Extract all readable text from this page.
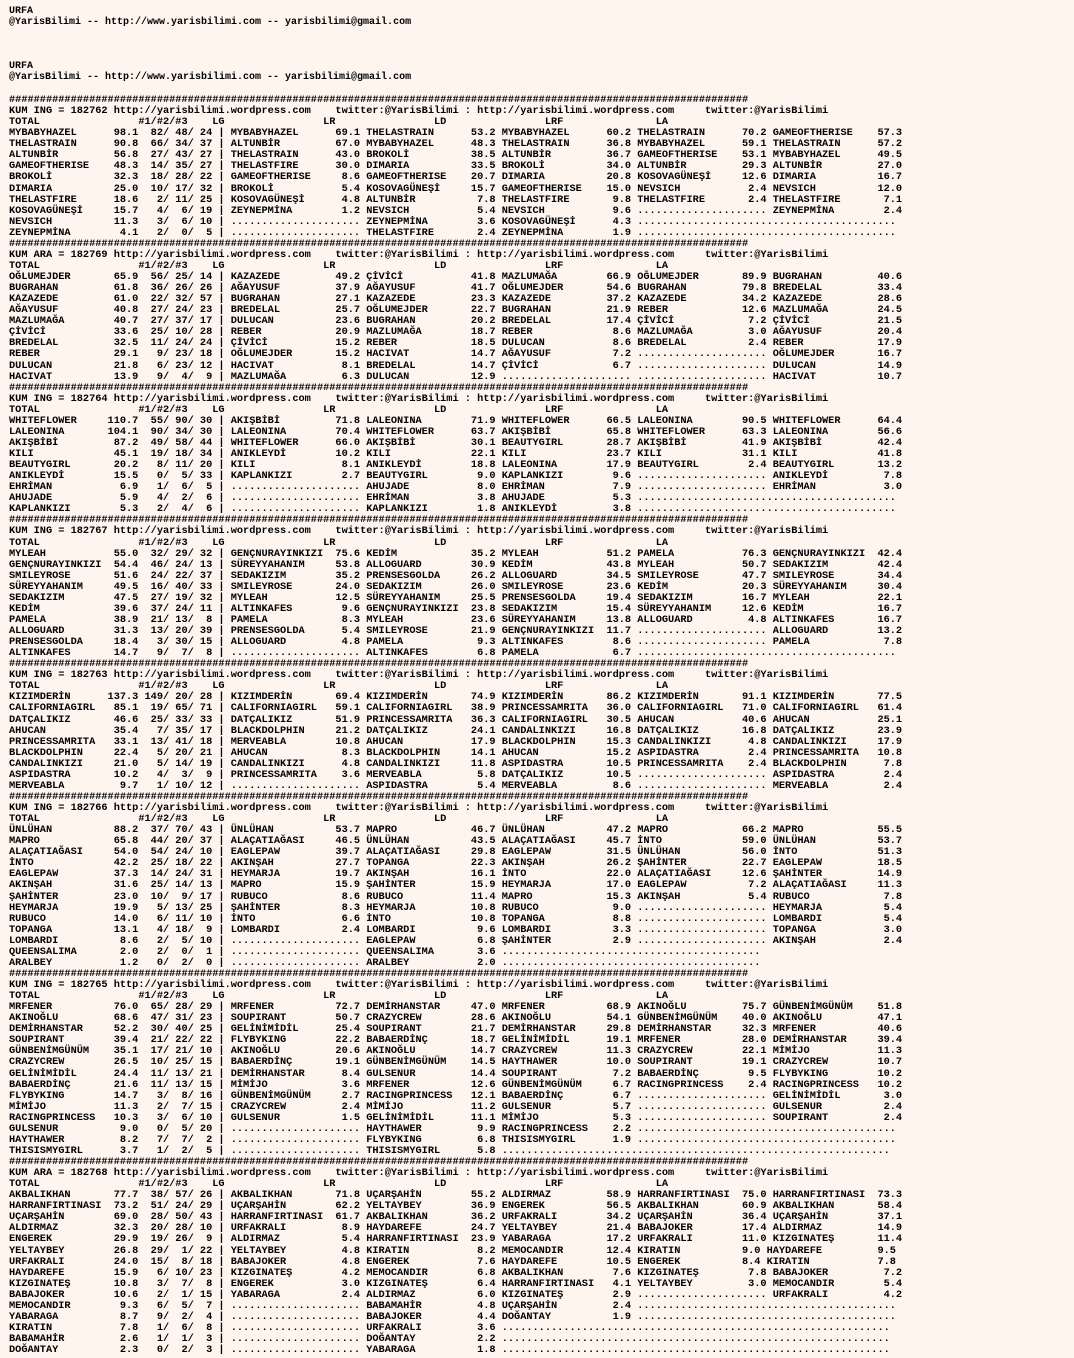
URFA
@YarisBilimi -- http://www.yarisbilimi.com -- yarisbilimi@gmail.com
URFA
@YarisBilimi -- http://www.yarisbilimi.com -- yarisbilimi@gmail.com
########################################################################################################################
KUM ING = 182762 http://yarisbilimi.wordpress.com    twitter:@YarisBilimi : http://yarisbilimi.wordpress.com     twitter:@YarisBilimi
TOTAL                #1/#2/#3    LG                LR                LD                LRF               LA
MYBABYHAZEL      98.1  82/ 48/ 24 | MYBABYHAZEL      69.1 THELASTRAIN      53.2 MYBABYHAZEL      60.2 THELASTRAIN      70.2 GAMEOFTHERISE    57.3
THELASTRAIN      90.8  66/ 34/ 37 | ALTUNBİR         67.0 MYBABYHAZEL      48.3 THELASTRAIN      36.8 MYBABYHAZEL      59.1 THELASTRAIN      57.2
ALTUNBİR         56.8  27/ 43/ 27 | THELASTRAIN      43.0 BROKOLİ          38.5 ALTUNBİR         36.7 GAMEOFTHERISE    53.1 MYBABYHAZEL      49.5
GAMEOFTHERISE    48.3  14/ 35/ 27 | THELASTFIRE      30.0 DIMARIA          33.5 BROKOLİ          34.0 ALTUNBİR         29.3 ALTUNBİR         27.0
BROKOLİ          32.3  18/ 28/ 22 | GAMEOFTHERISE     8.6 GAMEOFTHERISE    20.7 DIMARIA          20.8 KOSOVAGÜNEŞİ     12.6 DIMARIA          16.7
DIMARIA          25.0  10/ 17/ 32 | BROKOLİ           5.4 KOSOVAGÜNEŞİ     15.7 GAMEOFTHERISE    15.0 NEVSICH           2.4 NEVSICH          12.0
THELASTFIRE      18.6   2/ 11/ 25 | KOSOVAGÜNEŞİ      4.8 ALTUNBİR          7.8 THELASTFIRE       9.8 THELASTFIRE       2.4 THELASTFIRE       7.1
KOSOVAGÜNEŞİ     15.7   4/  6/ 19 | ZEYNEPMİNA        1.2 NEVSICH           5.4 NEVSICH           9.6 ..................... ZEYNEPMİNA        2.4
NEVSICH          11.3   3/  6/ 10 | ..................... ZEYNEPMİNA        3.6 KOSOVAGÜNEŞİ      4.3 ..........................................
ZEYNEPMİNA        4.1   2/  0/  5 | ..................... THELASTFIRE       2.4 ZEYNEPMİNA        1.9 ..........................................
########################################################################################################################
KUM ARA = 182769 http://yarisbilimi.wordpress.com    twitter:@YarisBilimi : http://yarisbilimi.wordpress.com     twitter:@YarisBilimi
TOTAL                #1/#2/#3    LG                LR                LD                LRF               LA
OĞLUMEJDER       65.9  56/ 25/ 14 | KAZAZEDE         49.2 ÇİVİCİ           41.8 MAZLUMAĞA        66.9 OĞLUMEJDER       89.9 BUGRAHAN         40.6
BUGRAHAN         61.8  36/ 26/ 26 | AĞAYUSUF         37.9 AĞAYUSUF         41.7 OĞLUMEJDER       54.6 BUGRAHAN         79.8 BREDELAL         33.4
KAZAZEDE         61.0  22/ 32/ 57 | BUGRAHAN         27.1 KAZAZEDE         23.3 KAZAZEDE         37.2 KAZAZEDE         34.2 KAZAZEDE         28.6
AĞAYUSUF         40.8  27/ 24/ 23 | BREDELAL         25.7 OĞLUMEJDER       22.7 BUGRAHAN         21.9 REBER            12.6 MAZLUMAĞA        24.5
MAZLUMAĞA        40.7  27/ 37/ 17 | DULUCAN          23.6 BUGRAHAN         20.2 BREDELAL         17.4 ÇİVİCİ            7.2 ÇİVİCİ           21.5
ÇİVİCİ           33.6  25/ 10/ 28 | REBER            20.9 MAZLUMAĞA        18.7 REBER             8.6 MAZLUMAĞA         3.0 AĞAYUSUF         20.4
BREDELAL         32.5  11/ 24/ 24 | ÇİVİCİ           15.2 REBER            18.5 DULUCAN           8.6 BREDELAL          2.4 REBER            17.9
REBER            29.1   9/ 23/ 18 | OĞLUMEJDER       15.2 HACIVAT          14.7 AĞAYUSUF          7.2 ..................... OĞLUMEJDER       16.7
DULUCAN          21.8   6/ 23/ 12 | HACIVAT           8.1 BREDELAL         14.7 ÇİVİCİ            6.7 ..................... DULUCAN          14.9
HACIVAT          13.9   9/  4/  9 | MAZLUMAĞA         6.3 DULUCAN          12.9 ..................... ..................... HACIVAT          10.7
########################################################################################################################
KUM ING = 182764 http://yarisbilimi.wordpress.com    twitter:@YarisBilimi : http://yarisbilimi.wordpress.com     twitter:@YarisBilimi
TOTAL                #1/#2/#3    LG                LR                LD                LRF               LA
WHITEFLOWER     110.7  55/ 90/ 30 | AKIŞBİBİ         71.8 LALEONINA        71.9 WHITEFLOWER      66.5 LALEONINA        90.5 WHITEFLOWER      64.4
LALEONINA       104.1  90/ 34/ 30 | LALEONINA        70.4 WHITEFLOWER      63.7 AKIŞBİBİ         65.8 WHITEFLOWER      63.3 LALEONINA        56.6
AKIŞBİBİ         87.2  49/ 58/ 44 | WHITEFLOWER      66.0 AKIŞBİBİ         30.1 BEAUTYGIRL       28.7 AKIŞBİBİ         41.9 AKIŞBİBİ         42.4
KILI             45.1  19/ 18/ 34 | ANIKLEYDİ        10.2 KILI             22.1 KILI             23.7 KILI             31.1 KILI             41.8
BEAUTYGIRL       20.2   8/ 11/ 20 | KILI              8.1 ANIKLEYDİ        18.8 LALEONINA        17.9 BEAUTYGIRL        2.4 BEAUTYGIRL       13.2
ANIKLEYDİ        15.5   0/  5/ 33 | KAPLANKIZI        2.7 BEAUTYGIRL        9.0 KAPLANKIZI        9.6 ..................... ANIKLEYDİ         7.8
EHRİMAN           6.9   1/  6/  5 | ..................... AHUJADE           8.0 EHRİMAN           7.9 ..................... EHRİMAN           3.0
AHUJADE           5.9   4/  2/  6 | ..................... EHRİMAN           3.8 AHUJADE           5.3 ..........................................
KAPLANKIZI        5.3   2/  4/  6 | ..................... KAPLANKIZI        1.8 ANIKLEYDİ         3.8 ..........................................
########################################################################################################################
KUM ING = 182767 http://yarisbilimi.wordpress.com    twitter:@YarisBilimi : http://yarisbilimi.wordpress.com     twitter:@YarisBilimi
TOTAL                #1/#2/#3    LG                LR                LD                LRF               LA
MYLEAH           55.0  32/ 29/ 32 | GENÇNURAYINKIZI  75.6 KEDİM            35.2 MYLEAH           51.2 PAMELA           76.3 GENÇNURAYINKIZI  42.4
GENÇNURAYINKIZI  54.4  46/ 24/ 13 | SÜREYYAHANIM     53.8 ALLOGUARD        30.9 KEDİM            43.8 MYLEAH           50.7 SEDAKIZIM        42.4
SMILEYROSE       51.6  24/ 22/ 37 | SEDAKIZIM        35.2 PRENSESGOLDA     26.2 ALLOGUARD        34.5 SMILEYROSE       47.7 SMILEYROSE       34.4
SÜREYYAHANIM     49.5  16/ 40/ 33 | SMILEYROSE       24.0 SEDAKIZIM        26.0 SMILEYROSE       23.6 KEDİM            20.3 SÜREYYAHANIM     30.4
SEDAKIZIM        47.5  27/ 19/ 32 | MYLEAH           12.5 SÜREYYAHANIM     25.5 PRENSESGOLDA     19.4 SEDAKIZIM        16.7 MYLEAH           22.1
KEDİM            39.6  37/ 24/ 11 | ALTINKAFES        9.6 GENÇNURAYINKIZI  23.8 SEDAKIZIM        15.4 SÜREYYAHANIM     12.6 KEDİM            16.7
PAMELA           38.9  21/ 13/  8 | PAMELA            8.3 MYLEAH           23.6 SÜREYYAHANIM     13.8 ALLOGUARD         4.8 ALTINKAFES       16.7
ALLOGUARD        31.3  13/ 20/ 39 | PRENSESGOLDA      5.4 SMILEYROSE       21.9 GENÇNURAYINKIZI  11.7 ..................... ALLOGUARD        13.2
PRENSESGOLDA     18.4   3/ 30/ 15 | ALLOGUARD         4.8 PAMELA            9.3 ALTINKAFES        8.6 ..................... PAMELA            7.8
ALTINKAFES       14.7   9/  7/  8 | ..................... ALTINKAFES        6.8 PAMELA            6.7 ..........................................
########################################################################################################################
KUM ING = 182763 http://yarisbilimi.wordpress.com    twitter:@YarisBilimi : http://yarisbilimi.wordpress.com     twitter:@YarisBilimi
TOTAL                #1/#2/#3    LG                LR                LD                LRF               LA
KIZIMDERİN      137.3 149/ 20/ 28 | KIZIMDERİN       69.4 KIZIMDERİN       74.9 KIZIMDERİN       86.2 KIZIMDERİN       91.1 KIZIMDERİN       77.5
CALIFORNIAGIRL   85.1  19/ 65/ 71 | CALIFORNIAGIRL   59.1 CALIFORNIAGIRL   38.9 PRINCESSAMRITA   36.0 CALIFORNIAGIRL   71.0 CALIFORNIAGIRL   61.4
DATÇALIKIZ       46.6  25/ 33/ 33 | DATÇALIKIZ       51.9 PRINCESSAMRITA   36.3 CALIFORNIAGIRL   30.5 AHUCAN           40.6 AHUCAN           25.1
AHUCAN           35.4   7/ 35/ 17 | BLACKDOLPHIN     21.2 DATÇALIKIZ       24.1 CANDALINKIZI     16.8 DATÇALIKIZ       16.8 DATÇALIKIZ       23.9
PRINCESSAMRITA   33.1  13/ 41/ 18 | MERVEABLA        10.8 AHUCAN           17.9 BLACKDOLPHIN     15.3 CANDALINKIZI      4.8 CANDALINKIZI     17.9
BLACKDOLPHIN     22.4   5/ 20/ 21 | AHUCAN            8.3 BLACKDOLPHIN     14.1 AHUCAN           15.2 ASPIDASTRA        2.4 PRINCESSAMRITA   10.8
CANDALINKIZI     21.0   5/ 14/ 19 | CANDALINKIZI      4.8 CANDALINKIZI     11.8 ASPIDASTRA       10.5 PRINCESSAMRITA    2.4 BLACKDOLPHIN      7.8
ASPIDASTRA       10.2   4/  3/  9 | PRINCESSAMRITA    3.6 MERVEABLA         5.8 DATÇALIKIZ       10.5 ..................... ASPIDASTRA        2.4
MERVEABLA         9.7   1/ 10/ 12 | ..................... ASPIDASTRA        5.4 MERVEABLA         8.6 ..................... MERVEABLA         2.4
########################################################################################################################
KUM ING = 182766 http://yarisbilimi.wordpress.com    twitter:@YarisBilimi : http://yarisbilimi.wordpress.com     twitter:@YarisBilimi
TOTAL                #1/#2/#3    LG                LR                LD                LRF               LA
ÜNLÜHAN          88.2  37/ 70/ 43 | ÜNLÜHAN          53.7 MAPRO            46.7 ÜNLÜHAN          47.2 MAPRO            66.2 MAPRO            55.5
MAPRO            65.8  44/ 20/ 37 | ALAÇATIAĞASI     46.5 ÜNLÜHAN          43.5 ALAÇATIAĞASI     45.7 İNTO             59.0 ÜNLÜHAN          53.7
ALAÇATIAĞASI     54.0  54/ 24/ 10 | EAGLEPAW         39.7 ALAÇATIAĞASI     29.8 EAGLEPAW         31.5 ÜNLÜHAN          56.0 İNTO             51.3
İNTO             42.2  25/ 18/ 22 | AKINŞAH          27.7 TOPANGA          22.3 AKINŞAH          26.2 ŞAHİNTER         22.7 EAGLEPAW         18.5
EAGLEPAW         37.3  14/ 24/ 31 | HEYMARJA         19.7 AKINŞAH          16.1 İNTO             22.0 ALAÇATIAĞASI     12.6 ŞAHİNTER         14.9
AKINŞAH          31.6  25/ 14/ 13 | MAPRO            15.9 ŞAHİNTER         15.9 HEYMARJA         17.0 EAGLEPAW          7.2 ALAÇATIAĞASI     11.3
ŞAHİNTER         23.0  10/  9/ 17 | RUBUCO            8.6 RUBUCO           11.4 MAPRO            15.3 AKINŞAH           5.4 RUBUCO            7.8
HEYMARJA         19.9   5/ 13/ 25 | ŞAHİNTER          8.3 HEYMARJA         10.8 RUBUCO            9.0 ..................... HEYMARJA          5.4
RUBUCO           14.0   6/ 11/ 10 | İNTO              6.6 İNTO             10.8 TOPANGA           8.8 ..................... LOMBARDI          5.4
TOPANGA          13.1   4/ 18/  9 | LOMBARDI          2.4 LOMBARDI          9.6 LOMBARDI          3.3 ..................... TOPANGA           3.0
LOMBARDI          8.6   2/  5/ 10 | ..................... EAGLEPAW          6.8 ŞAHİNTER          2.9 ..................... AKINŞAH           2.4
QUEENSALIMA       2.0   2/  0/  1 | ..................... QUEENSALIMA       3.6 ..........................................
ARALBEY           1.2   0/  2/  0 | ..................... ARALBEY           2.0 ..........................................
########################################################################################################################
KUM ING = 182765 http://yarisbilimi.wordpress.com    twitter:@YarisBilimi : http://yarisbilimi.wordpress.com     twitter:@YarisBilimi
TOTAL                #1/#2/#3    LG                LR                LD                LRF               LA
MRFENER          76.0  65/ 28/ 29 | MRFENER          72.7 DEMİRHANSTAR     47.0 MRFENER          68.9 AKINOĞLU         75.7 GÜNBENİMGÜNÜM    51.8
AKINOĞLU         68.6  47/ 31/ 23 | SOUPIRANT        50.7 CRAZYCREW        28.6 AKINOĞLU         54.1 GÜNBENİMGÜNÜM    40.0 AKINOĞLU         47.1
DEMİRHANSTAR     52.2  30/ 40/ 25 | GELİNİMİDİL      25.4 SOUPIRANT        21.7 DEMİRHANSTAR     29.8 DEMİRHANSTAR     32.3 MRFENER          40.6
SOUPIRANT        39.4  21/ 22/ 22 | FLYBYKING        22.2 BABAERDİNÇ       18.7 GELİNİMİDİL      19.1 MRFENER          28.0 DEMİRHANSTAR     39.4
GÜNBENİMGÜNÜM    35.1  17/ 21/ 10 | AKINOĞLU         20.6 AKINOĞLU         14.7 CRAZYCREW        11.3 CRAZYCREW        22.1 MİMİJO           11.3
CRAZYCREW        26.5  10/ 25/ 15 | BABAERDİNÇ       19.1 GÜNBENİMGÜNÜM    14.5 HAYTHAWER        10.0 SOUPIRANT        19.1 CRAZYCREW        10.7
GELİNİMİDİL      24.4  11/ 13/ 21 | DEMİRHANSTAR      8.4 GULSENUR         14.4 SOUPIRANT         7.2 BABAERDİNÇ        9.5 FLYBYKING        10.2
BABAERDİNÇ       21.6  11/ 13/ 15 | MİMİJO            3.6 MRFENER          12.6 GÜNBENİMGÜNÜM     6.7 RACINGPRINCESS    2.4 RACINGPRINCESS   10.2
FLYBYKING        14.7   3/  8/ 16 | GÜNBENİMGÜNÜM     2.7 RACINGPRINCESS   12.1 BABAERDİNÇ        6.7 ..................... GELİNİMİDİL       3.0
MİMİJO           11.3   2/  7/ 15 | CRAZYCREW         2.4 MİMİJO           11.2 GULSENUR          5.7 ..................... GULSENUR          2.4
RACINGPRINCESS   10.3   3/  6/ 10 | GULSENUR          1.5 GELİNİMİDİL      11.1 MİMİJO            5.3 ..................... SOUPIRANT         2.4
GULSENUR          9.0   0/  5/ 20 | ..................... HAYTHAWER         9.9 RACINGPRINCESS    2.2 ..........................................
HAYTHAWER         8.2   7/  7/  2 | ..................... FLYBYKING         6.8 THISISMYGIRL      1.9 ..........................................
THISISMYGIRL      3.7   1/  2/  5 | ..................... THISISMYGIRL      5.8 ...............................................................
########################################################################################################################
KUM ARA = 182768 http://yarisbilimi.wordpress.com    twitter:@YarisBilimi : http://yarisbilimi.wordpress.com     twitter:@YarisBilimi
TOTAL                #1/#2/#3    LG                LR                LD                LRF               LA
AKBALIKHAN       77.7  38/ 57/ 26 | AKBALIKHAN       71.8 UÇARŞAHİN        55.2 ALDIRMAZ         58.9 HARRANFIRTINASI  75.0 HARRANFIRTINASI  73.3
HARRANFIRTINASI  73.2  51/ 24/ 29 | UÇARŞAHİN        62.2 YELTAYBEY        36.9 ENGEREK          56.5 AKBALIKHAN       60.9 AKBALIKHAN       58.4
UÇARŞAHİN        69.0  28/ 50/ 43 | HARRANFIRTINASI  61.7 AKBALIKHAN       36.2 URFAKRALI        34.2 UÇARŞAHİN        36.4 UÇARŞAHİN        37.1
ALDIRMAZ         32.3  20/ 28/ 10 | URFAKRALI         8.9 HAYDAREFE        24.7 YELTAYBEY        21.4 BABAJOKER        17.4 ALDIRMAZ         14.9
ENGEREK          29.9  19/ 26/  9 | ALDIRMAZ          5.4 HARRANFIRTINASI  23.9 YABARAGA         17.2 URFAKRALI        11.0 KIZGINATEŞ       11.4
YELTAYBEY        26.8  29/  1/ 22 | YELTAYBEY         4.8 KIRATIN           8.2 MEMOCANDIR       12.4 KIRATIN          9.0 HAYDAREFE         9.5
URFAKRALI        24.0  15/  8/ 18 | BABAJOKER         4.8 ENGEREK           7.6 HAYDAREFE        10.5 ENGEREK          8.4 KIRATIN           7.8
HAYDAREFE        15.9   6/ 10/ 23 | KIZGINATEŞ        4.2 MEMOCANDIR        6.8 AKBALIKHAN        7.6 KIZGINATEŞ        7.8 BABAJOKER         7.2
KIZGINATEŞ       10.8   3/  7/  8 | ENGEREK           3.0 KIZGINATEŞ        6.4 HARRANFIRTINASI   4.1 YELTAYBEY         3.0 MEMOCANDIR        5.4
BABAJOKER        10.6   2/  1/ 15 | YABARAGA          2.4 ALDIRMAZ          6.0 KIZGINATEŞ        2.9 ..................... URFAKRALI         4.2
MEMOCANDIR        9.3   6/  5/  7 | ..................... BABAMAHİR         4.8 UÇARŞAHİN         2.4 ..........................................
YABARAGA          8.7   9/  2/  4 | ..................... BABAJOKER         4.4 DOĞANTAY          1.9 ..........................................
KIRATIN           7.8   1/  6/  8 | ..................... URFAKRALI         3.6 ...............................................................
BABAMAHİR         2.6   1/  1/  3 | ..................... DOĞANTAY          2.2 ...............................................................
DOĞANTAY          2.3   0/  2/  3 | ..................... YABARAGA          1.8 ...............................................................
